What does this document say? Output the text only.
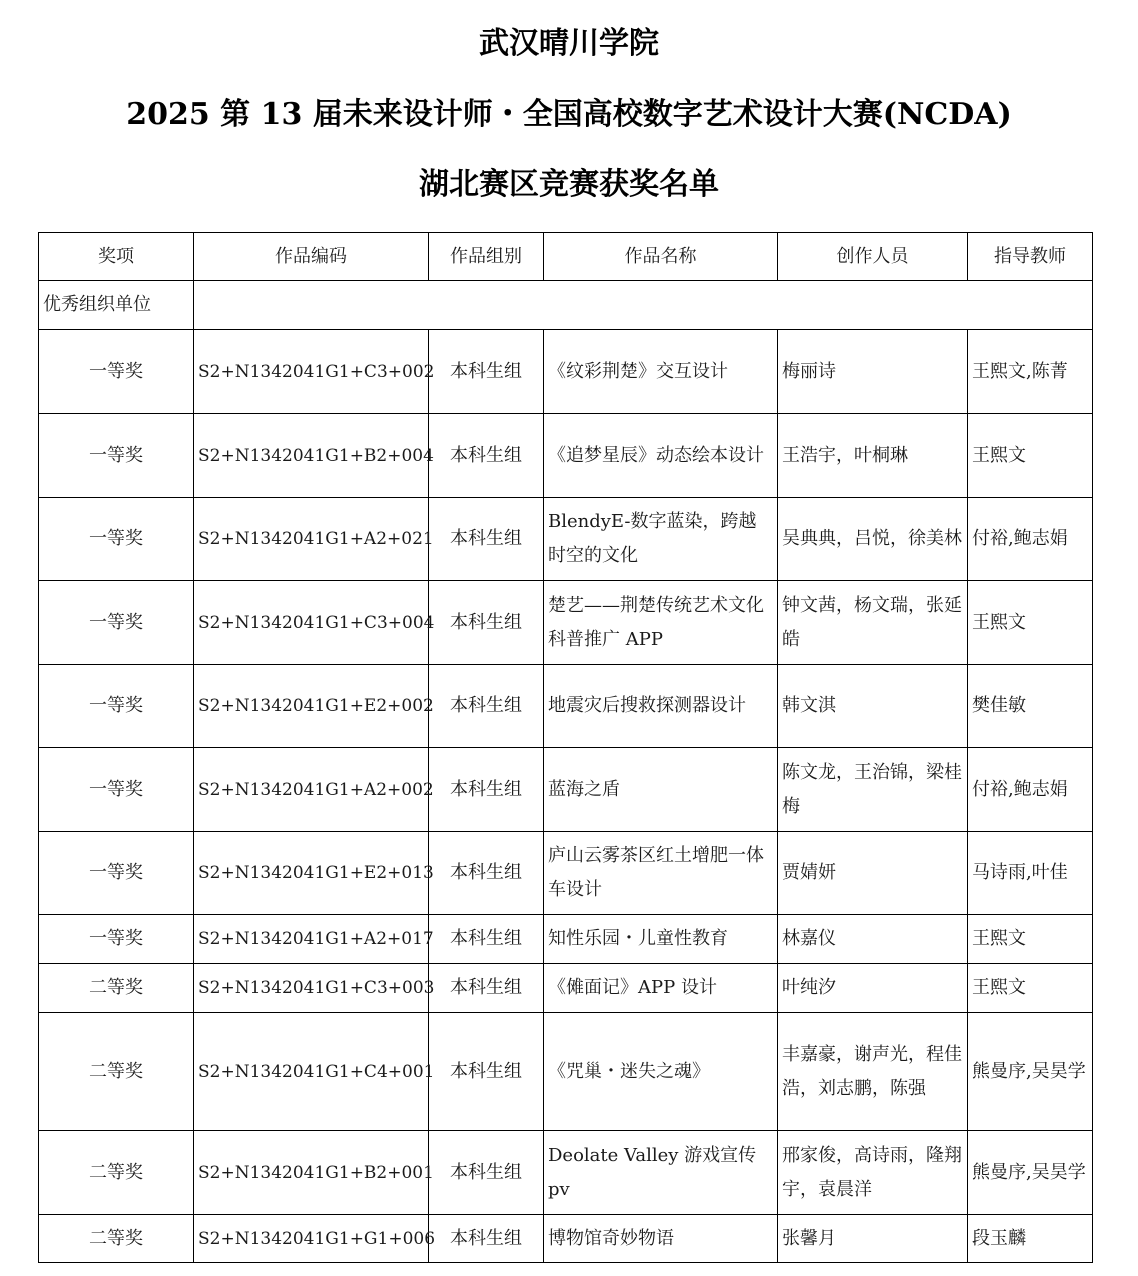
武汉晴川学院
2025 第 13 届未来设计师・全国高校数字艺术设计大赛(NCDA)
湖北赛区竞赛获奖名单
奖项	作品编码	作品组别	作品名称	创作人员	指导教师
优秀组织单位					
一等奖	S2+N1342041G1+C3+002	本科生组	《纹彩荆楚》交互设计	梅丽诗	王熙文,陈菁
一等奖	S2+N1342041G1+B2+004	本科生组	《追梦星辰》动态绘本设计	王浩宇，叶桐琳	王熙文
一等奖	S2+N1342041G1+A2+021	本科生组	BlendyE-数字蓝染，跨越时空的文化	吴典典，吕悦，徐美林	付裕,鲍志娟
一等奖	S2+N1342041G1+C3+004	本科生组	楚艺——荆楚传统艺术文化科普推广 APP	钟文茜，杨文瑞，张延皓	王熙文
一等奖	S2+N1342041G1+E2+002	本科生组	地震灾后搜救探测器设计	韩文淇	樊佳敏
一等奖	S2+N1342041G1+A2+002	本科生组	蓝海之盾	陈文龙，王治锦，梁桂梅	付裕,鲍志娟
一等奖	S2+N1342041G1+E2+013	本科生组	庐山云雾茶区红土增肥一体车设计	贾婧妍	马诗雨,叶佳
一等奖	S2+N1342041G1+A2+017	本科生组	知性乐园・儿童性教育	林嘉仪	王熙文
二等奖	S2+N1342041G1+C3+003	本科生组	《傩面记》APP 设计	叶纯汐	王熙文
二等奖	S2+N1342041G1+C4+001	本科生组	《咒巢・迷失之魂》	丰嘉豪，谢声光，程佳浩，刘志鹏，陈强	熊曼序,吴昊学
二等奖	S2+N1342041G1+B2+001	本科生组	Deolate Valley 游戏宣传 pv	邢家俊，高诗雨，隆翔宇，袁晨洋	熊曼序,吴昊学
二等奖	S2+N1342041G1+G1+006	本科生组	博物馆奇妙物语	张馨月	段玉麟
